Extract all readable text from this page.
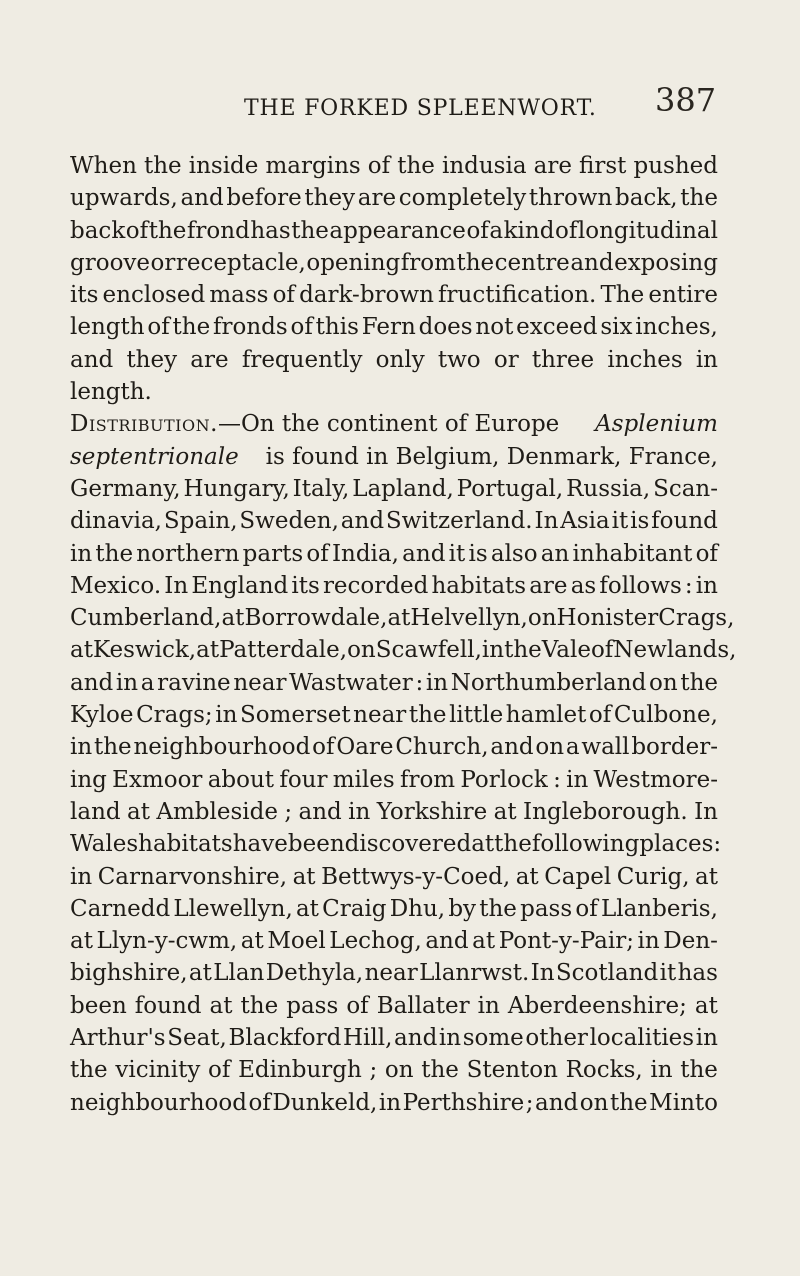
THE FORKED SPLEENWORT. 387
When the inside margins of the indusia are first pushed
upwards, and before they are completely thrown back, the
back of the frond has the appearance of a kind of longitudinal
groove or receptacle, opening from the centre and exposing
its enclosed mass of dark-brown fructification. The entire
length of the fronds of this Fern does not exceed six inches,
and they are frequently only two or three inches in
length.
Distribution.—On the continent of Europe Asplenium
septentrionale is found in Belgium, Denmark, France,
Germany, Hungary, Italy, Lapland, Portugal, Russia, Scan-
dinavia, Spain, Sweden, and Switzerland. In Asia it is found
in the northern parts of India, and it is also an inhabitant of
Mexico. In England its recorded habitats are as follows : in
Cumberland, at Borrowdale, at Helvellyn, on Honister Crags,
at Keswick, at Patterdale, on Scawfell, in the Vale of Newlands,
and in a ravine near Wastwater : in Northumberland on the
Kyloe Crags; in Somerset near the little hamlet of Culbone,
in the neighbourhood of Oare Church, and on a wall border-
ing Exmoor about four miles from Porlock : in Westmore-
land at Ambleside ; and in Yorkshire at Ingleborough. In
Wales habitats have been discovered at the following places:
in Carnarvonshire, at Bettwys-y-Coed, at Capel Curig, at
Carnedd Llewellyn, at Craig Dhu, by the pass of Llanberis,
at Llyn-y-cwm, at Moel Lechog, and at Pont-y-Pair; in Den-
bighshire, at Llan Dethyla, near Llanrwst. In Scotland it has
been found at the pass of Ballater in Aberdeenshire; at
Arthur's Seat, Blackford Hill, and in some other localities in
the vicinity of Edinburgh ; on the Stenton Rocks, in the
neighbourhood of Dunkeld, in Perthshire ; and on the Minto
